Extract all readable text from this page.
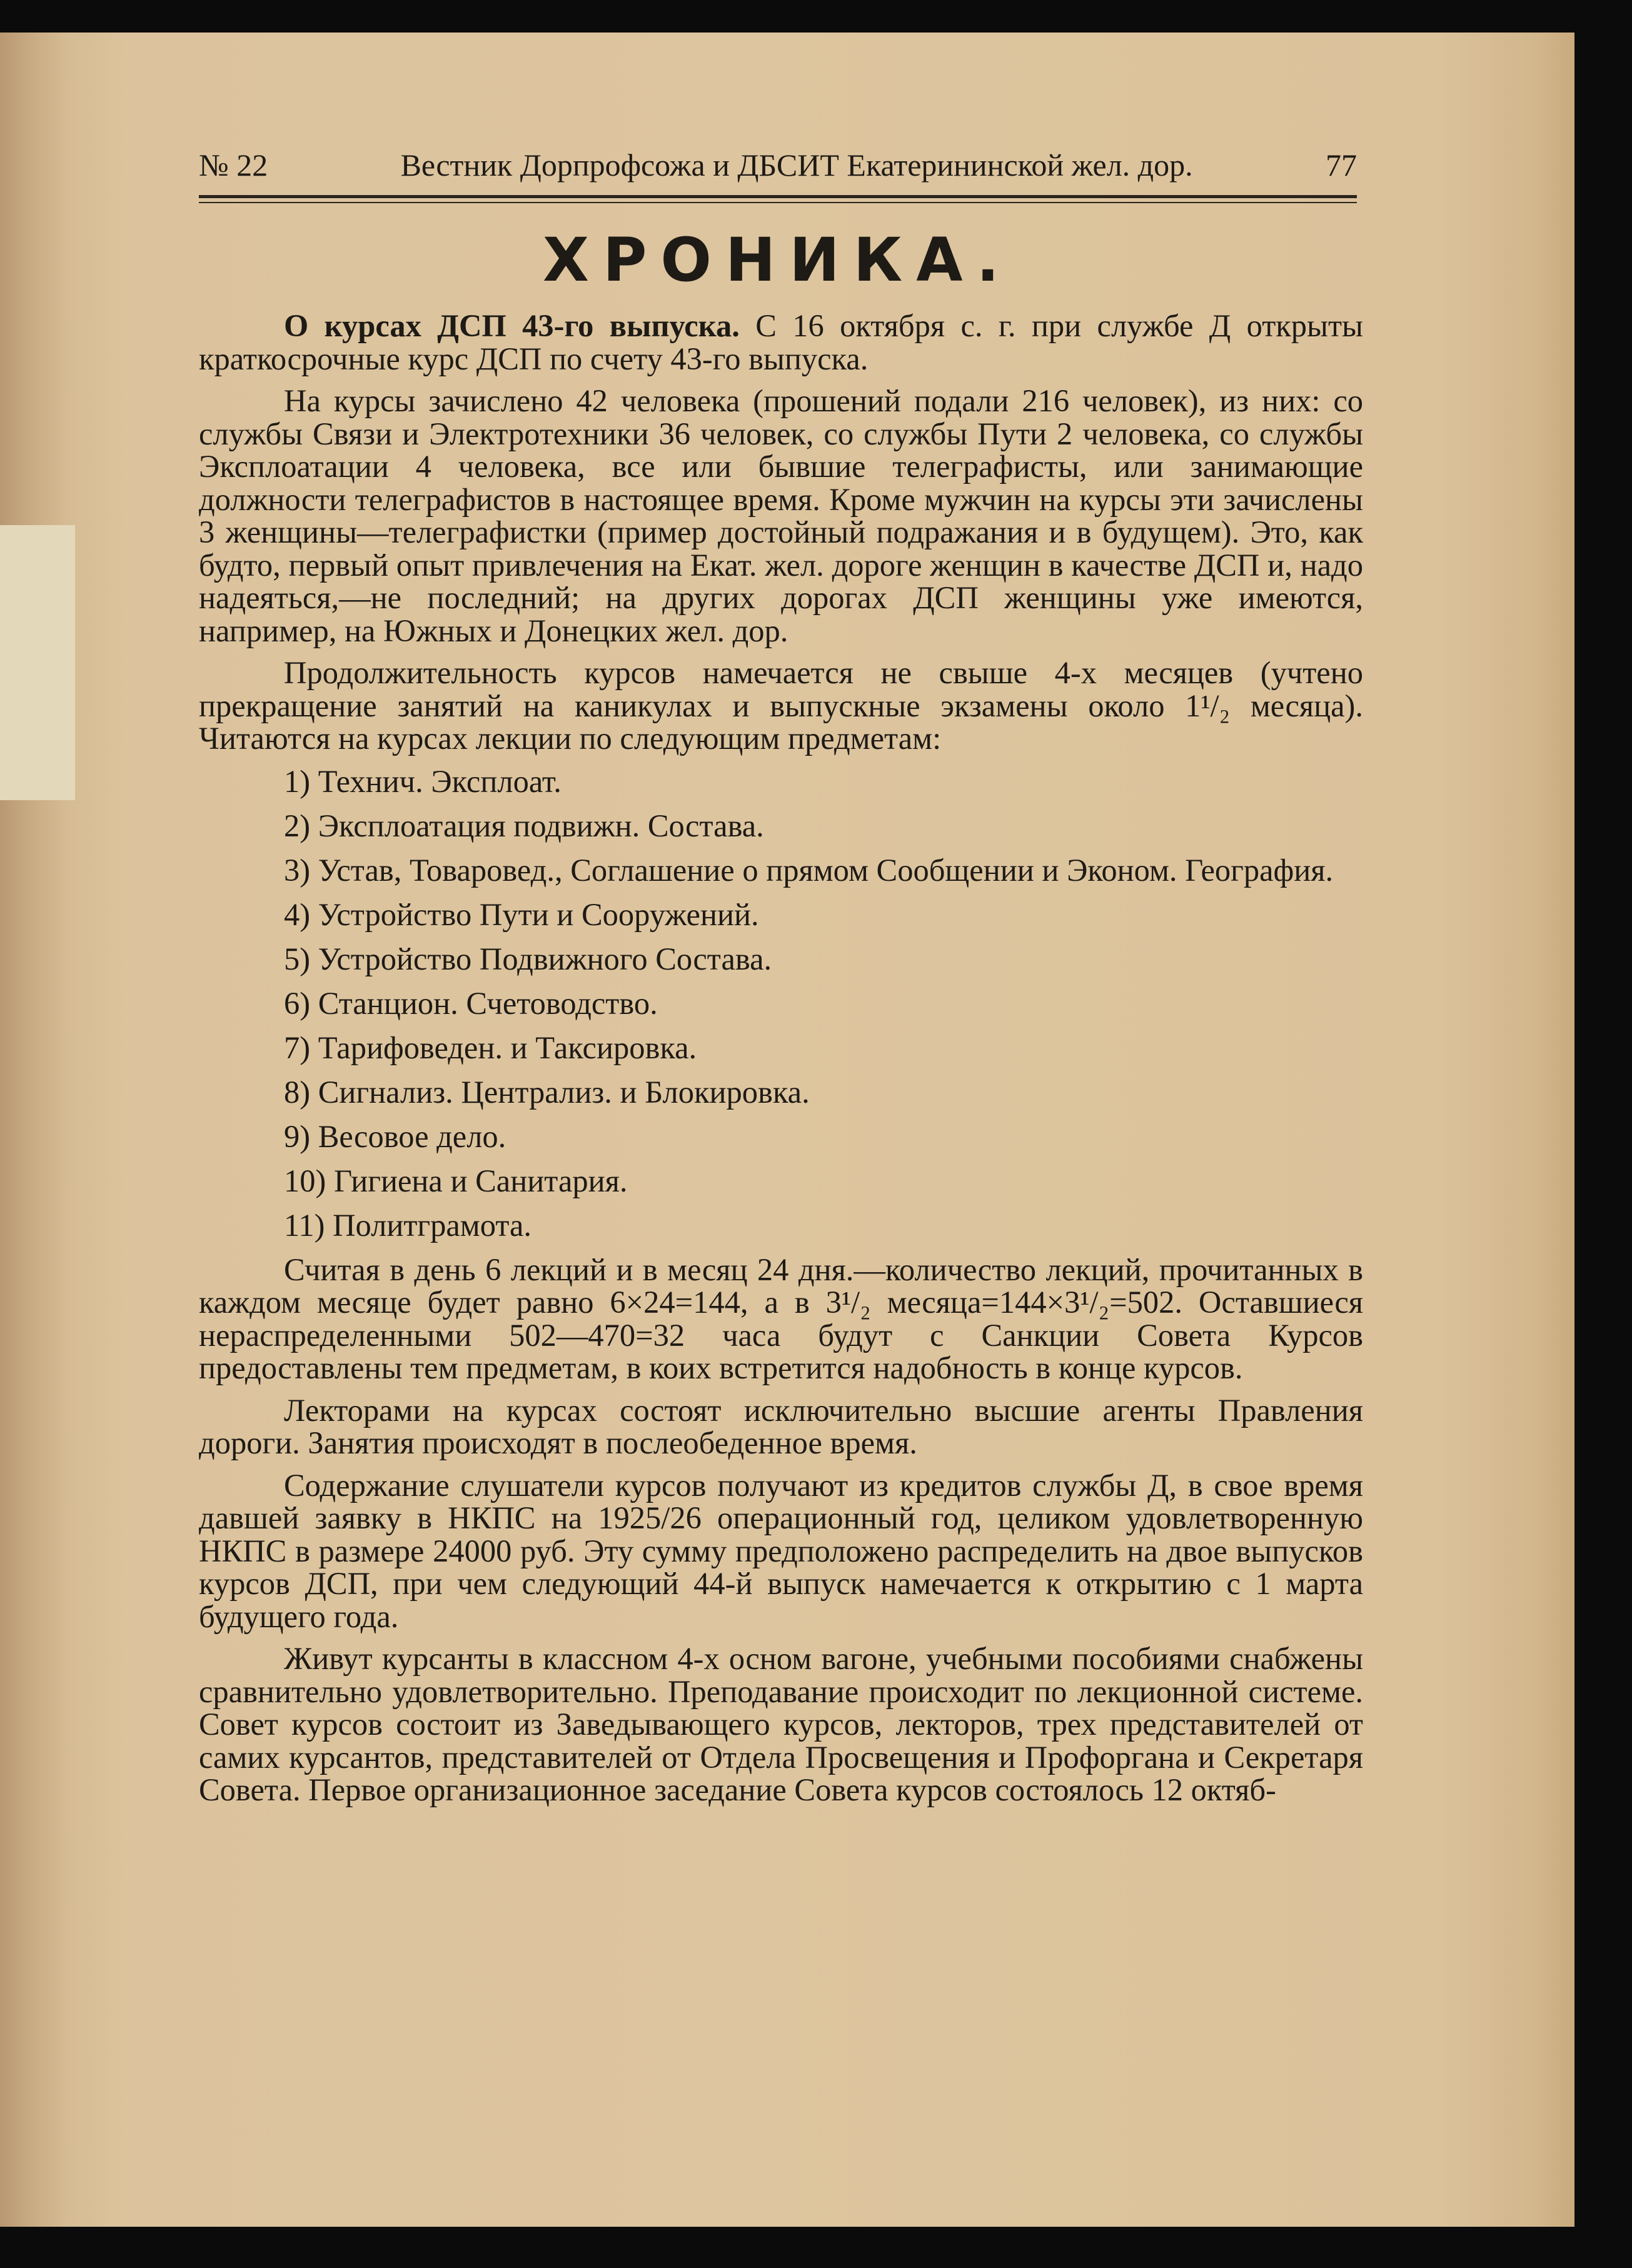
№ 22	Вестник Дорпрофсожа и ДБСИТ Екатерининской жел. дор.	77
ХРОНИКА.

О курсах ДСП 43-го выпуска. С 16 октября с. г. при службе Д открыты краткосрочные курс ДСП по счету 43-го выпуска.

На курсы зачислено 42 человека (прошений подали 216 человек), из них: со службы Связи и Электротехники 36 человек, со службы Пути 2 человека, со службы Эксплоатации 4 человека, все или бывшие телеграфисты, или занимающие должности телеграфистов в настоящее время. Кроме мужчин на курсы эти зачислены 3 женщины—телеграфистки (пример достойный подражания и в будущем). Это, как будто, первый опыт привлечения на Екат. жел. дороге женщин в качестве ДСП и, надо надеяться,—не последний; на других дорогах ДСП женщины уже имеются, например, на Южных и Донецких жел. дор.

Продолжительность курсов намечается не свыше 4-х месяцев (учтено прекращение занятий на каникулах и выпускные экзамены около 1¹/₂ месяца). Читаются на курсах лекции по следующим предметам:

1) Технич. Эксплоат.
2) Эксплоатация подвижн. Состава.
3) Устав, Товаровед., Соглашение о прямом Сообщении и Эконом. География.
4) Устройство Пути и Сооружений.
5) Устройство Подвижного Состава.
6) Станцион. Счетоводство.
7) Тарифоведен. и Таксировка.
8) Сигнализ. Централиз. и Блокировка.
9) Весовое дело.
10) Гигиена и Санитария.
11) Политграмота.

Считая в день 6 лекций и в месяц 24 дня.—количество лекций, прочитанных в каждом месяце будет равно 6×24=144, а в 3¹/₂ месяца=144×3¹/₂=502. Оставшиеся нераспределенными 502—470=32 часа будут с Санкции Совета Курсов предоставлены тем предметам, в коих встретится надобность в конце курсов.

Лекторами на курсах состоят исключительно высшие агенты Правления дороги. Занятия происходят в послеобеденное время.

Содержание слушатели курсов получают из кредитов службы Д, в свое время давшей заявку в НКПС на 1925/26 операционный год, целиком удовлетворенную НКПС в размере 24000 руб. Эту сумму предположено распределить на двое выпусков курсов ДСП, при чем следующий 44-й выпуск намечается к открытию с 1 марта будущего года.

Живут курсанты в классном 4-х осном вагоне, учебными пособиями снабжены сравнительно удовлетворительно. Преподавание происходит по лекционной системе. Совет курсов состоит из Заведывающего курсов, лекторов, трех представителей от самих курсантов, представителей от Отдела Просвещения и Профоргана и Секретаря Совета. Первое организационное заседание Совета курсов состоялось 12 октяб-
